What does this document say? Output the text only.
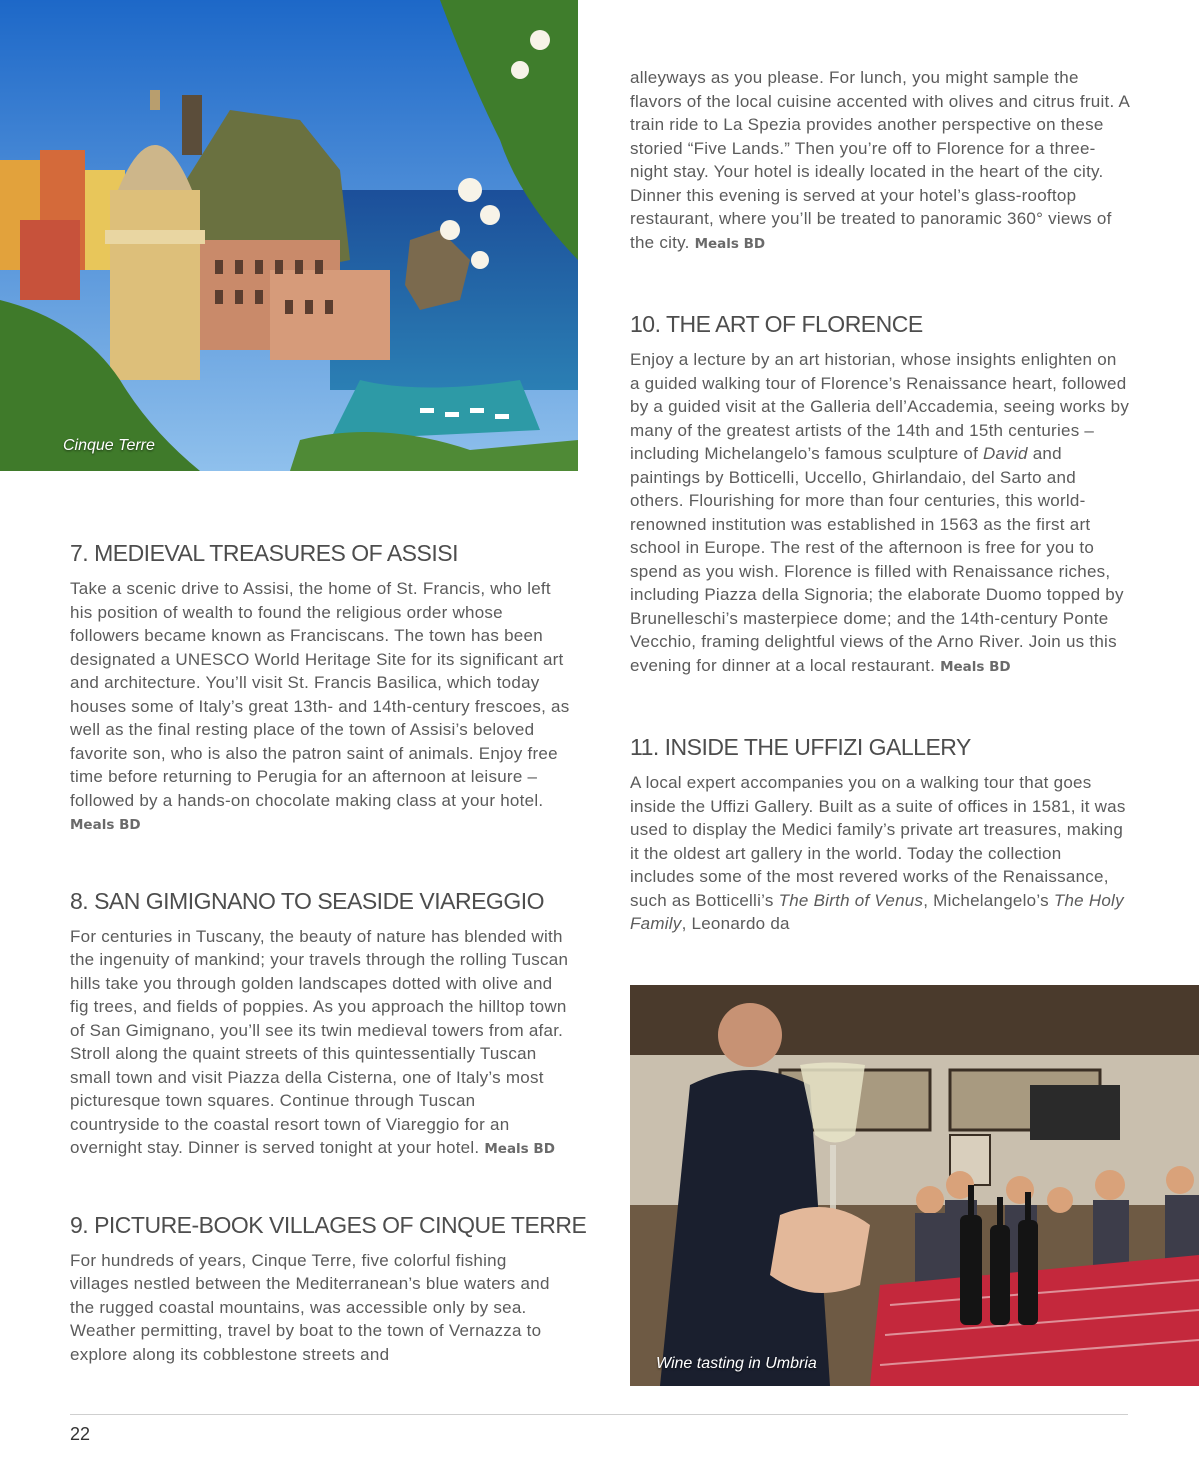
Cinque Terre
7. MEDIEVAL TREASURES OF ASSISI

Take a scenic drive to Assisi, the home of St. Francis, who left his position of wealth to found the religious order whose followers became known as Franciscans. The town has been designated a UNESCO World Heritage Site for its significant art and architecture. You’ll visit St. Francis Basilica, which today houses some of Italy’s great 13th- and 14th-century frescoes, as well as the final resting place of the town of Assisi’s beloved favorite son, who is also the patron saint of animals. Enjoy free time before returning to Perugia for an afternoon at leisure – followed by a hands-on chocolate making class at your hotel. Meals BD

8. SAN GIMIGNANO TO SEASIDE VIAREGGIO

For centuries in Tuscany, the beauty of nature has blended with the ingenuity of mankind; your travels through the rolling Tuscan hills take you through golden landscapes dotted with olive and fig trees, and fields of poppies. As you approach the hilltop town of San Gimignano, you’ll see its twin medieval towers from afar. Stroll along the quaint streets of this quintessentially Tuscan small town and visit Piazza della Cisterna, one of Italy’s most picturesque town squares. Continue through Tuscan countryside to the coastal resort town of Viareggio for an overnight stay. Dinner is served tonight at your hotel. Meals BD

9. PICTURE-BOOK VILLAGES OF CINQUE TERRE

For hundreds of years, Cinque Terre, five colorful fishing villages nestled between the Mediterranean’s blue waters and the rugged coastal mountains, was accessible only by sea. Weather permitting, travel by boat to the town of Vernazza to explore along its cobblestone streets and

alleyways as you please. For lunch, you might sample the flavors of the local cuisine accented with olives and citrus fruit. A train ride to La Spezia provides another perspective on these storied “Five Lands.” Then you’re off to Florence for a three-night stay. Your hotel is ideally located in the heart of the city. Dinner this evening is served at your hotel’s glass-rooftop restaurant, where you’ll be treated to panoramic 360° views of the city. Meals BD

10. THE ART OF FLORENCE

Enjoy a lecture by an art historian, whose insights enlighten on a guided walking tour of Florence’s Renaissance heart, followed by a guided visit at the Galleria dell’Accademia, seeing works by many of the greatest artists of the 14th and 15th centuries – including Michelangelo’s famous sculpture of David and paintings by Botticelli, Uccello, Ghirlandaio, del Sarto and others. Flourishing for more than four centuries, this world-renowned institution was established in 1563 as the first art school in Europe. The rest of the afternoon is free for you to spend as you wish. Florence is filled with Renaissance riches, including Piazza della Signoria; the elaborate Duomo topped by Brunelleschi’s masterpiece dome; and the 14th-century Ponte Vecchio, framing delightful views of the Arno River. Join us this evening for dinner at a local restaurant. Meals BD

11. INSIDE THE UFFIZI GALLERY

A local expert accompanies you on a walking tour that goes inside the Uffizi Gallery. Built as a suite of offices in 1581, it was used to display the Medici family’s private art treasures, making it the oldest art gallery in the world. Today the collection includes some of the most revered works of the Renaissance, such as Botticelli’s The Birth of Venus, Michelangelo’s The Holy Family, Leonardo da

Wine tasting in Umbria
22
